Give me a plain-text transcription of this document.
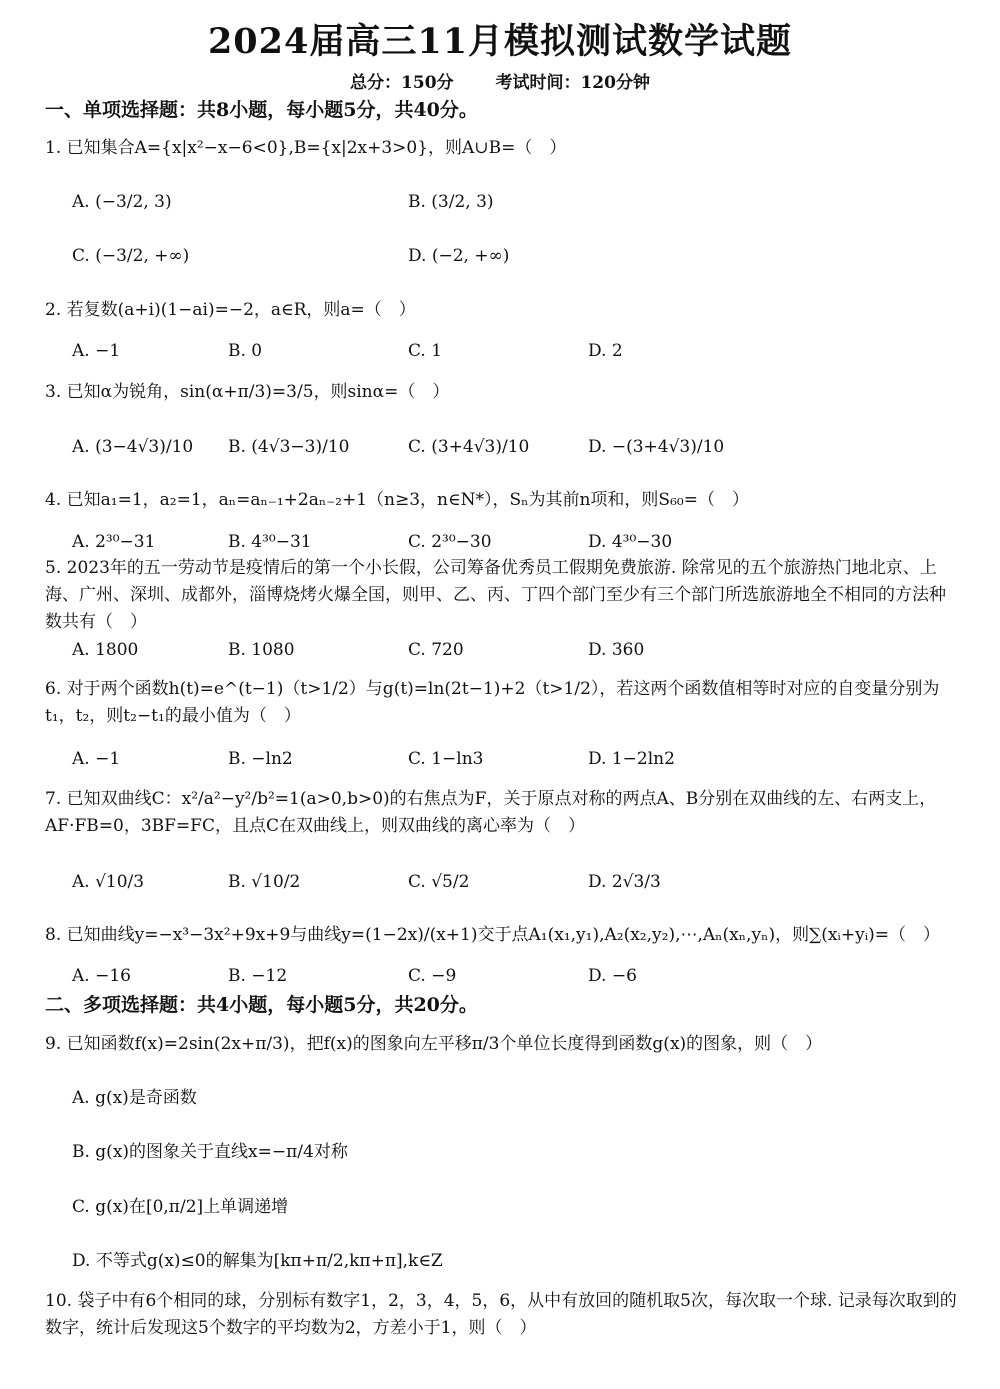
2024届高三11月模拟测试数学试题
总分：150分 考试时间：120分钟
一、单项选择题：共8小题，每小题5分，共40分。
1. 已知集合A={x|x²−x−6<0},B={x|2x+3>0}，则A∪B=（　）
A. (−3/2, 3)	B. (3/2, 3)
C. (−3/2, +∞)	D. (−2, +∞)
2. 若复数(a+i)(1−ai)=−2，a∈R，则a=（　）
A. −1	B. 0	C. 1	D. 2
3. 已知α为锐角，sin(α+π/3)=3/5，则sinα=（　）
A. (3−4√3)/10 B. (4√3−3)/10	C. (3+4√3)/10	D. −(3+4√3)/10
4. 已知a₁=1，a₂=1，aₙ=aₙ₋₁+2aₙ₋₂+1（n≥3，n∈N*），Sₙ为其前n项和，则S₆₀=（　）
A. 2³⁰−31	B. 4³⁰−31	C. 2³⁰−30	D. 4³⁰−30
5. 2023年的五一劳动节是疫情后的第一个小长假，公司筹备优秀员工假期免费旅游. 除常见的五个旅游热门地北京、上海、广州、深圳、成都外，淄博烧烤火爆全国，则甲、乙、丙、丁四个部门至少有三个部门所选旅游地全不相同的方法种数共有（　）
A. 1800	B. 1080	C. 720	D. 360
6. 对于两个函数h(t)=e^(t−1)（t>1/2）与g(t)=ln(2t−1)+2（t>1/2），若这两个函数值相等时对应的自变量分别为t₁，t₂，则t₂−t₁的最小值为（　）
A. −1	B. −ln2	C. 1−ln3	D. 1−2ln2
7. 已知双曲线C：x²/a²−y²/b²=1(a>0,b>0)的右焦点为F，关于原点对称的两点A、B分别在双曲线的左、右两支上，AF·FB=0，3BF=FC，且点C在双曲线上，则双曲线的离心率为（　）
A. √10/3	B. √10/2	C. √5/2	D. 2√3/3
8. 已知曲线y=−x³−3x²+9x+9与曲线y=(1−2x)/(x+1)交于点A₁(x₁,y₁),A₂(x₂,y₂),⋯,Aₙ(xₙ,yₙ)，则∑(xᵢ+yᵢ)=（　）
A. −16	B. −12	C. −9	D. −6
二、多项选择题：共4小题，每小题5分，共20分。
9. 已知函数f(x)=2sin(2x+π/3)，把f(x)的图象向左平移π/3个单位长度得到函数g(x)的图象，则（　）
A. g(x)是奇函数
B. g(x)的图象关于直线x=−π/4对称
C. g(x)在[0,π/2]上单调递增
D. 不等式g(x)≤0的解集为[kπ+π/2,kπ+π],k∈Z
10. 袋子中有6个相同的球，分别标有数字1，2，3，4，5，6，从中有放回的随机取5次，每次取一个球. 记录每次取到的数字，统计后发现这5个数字的平均数为2，方差小于1，则（　）
